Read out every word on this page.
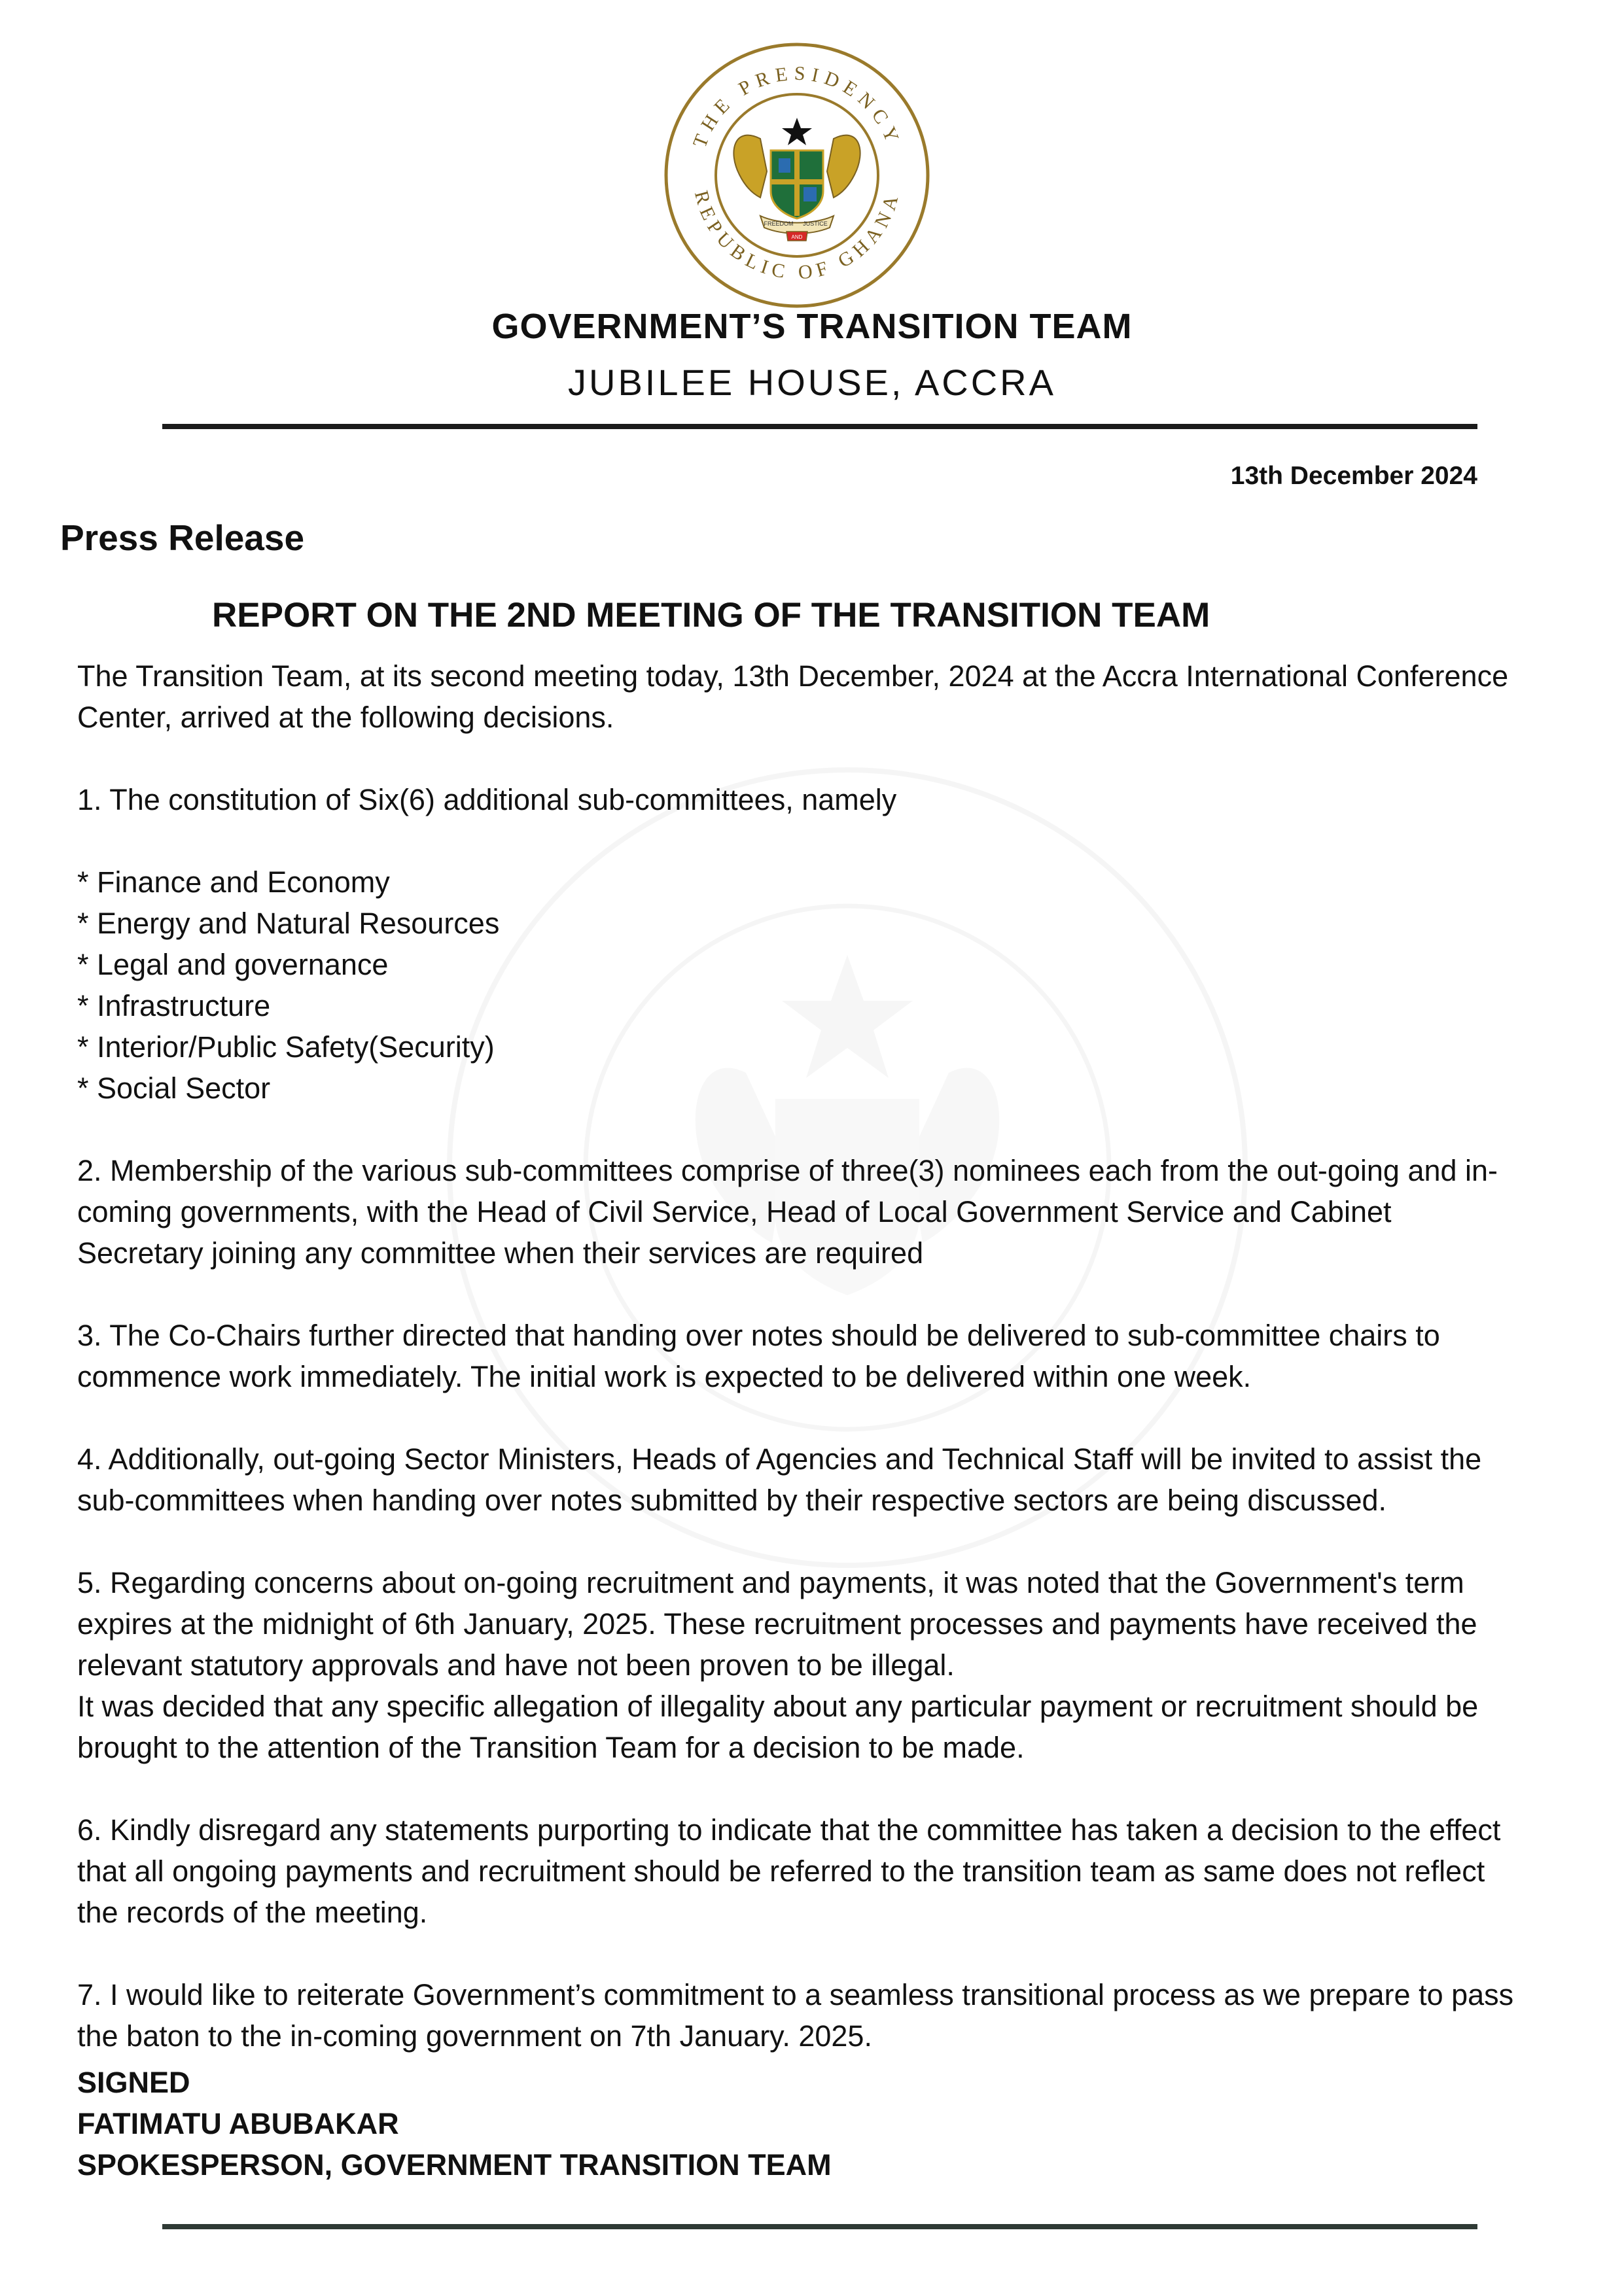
THE PRESIDENCY
REPUBLIC OF GHANA
FREEDOM JUSTICE
AND
GOVERNMENT’S TRANSITION TEAM
JUBILEE HOUSE, ACCRA
13th December 2024
Press Release
REPORT ON THE 2ND MEETING OF THE TRANSITION TEAM

The Transition Team, at its second meeting today, 13th December, 2024 at the Accra International Conference
Center, arrived at the following decisions.

1. The constitution of Six(6) additional sub-committees, namely

* Finance and Economy
* Energy and Natural Resources
* Legal and governance
* Infrastructure
* Interior/Public Safety(Security)
* Social Sector

2. Membership of the various sub-committees comprise of three(3) nominees each from the out-going and in-
coming governments, with the Head of Civil Service, Head of Local Government Service and Cabinet
Secretary joining any committee when their services are required

3. The Co-Chairs further directed that handing over notes should be delivered to sub-committee chairs to
commence work immediately. The initial work is expected to be delivered within one week.

4. Additionally, out-going Sector Ministers, Heads of Agencies and Technical Staff will be invited to assist the
sub-committees when handing over notes submitted by their respective sectors are being discussed.

5. Regarding concerns about on-going recruitment and payments, it was noted that the Government's term
expires at the midnight of 6th January, 2025. These recruitment processes and payments have received the
relevant statutory approvals and have not been proven to be illegal.
It was decided that any specific allegation of illegality about any particular payment or recruitment should be
brought to the attention of the Transition Team for a decision to be made.

6. Kindly disregard any statements purporting to indicate that the committee has taken a decision to the effect
that all ongoing payments and recruitment should be referred to the transition team as same does not reflect
the records of the meeting.

7. I would like to reiterate Government’s commitment to a seamless transitional process as we prepare to pass
the baton to the in-coming government on 7th January. 2025.

SIGNED
FATIMATU ABUBAKAR
SPOKESPERSON, GOVERNMENT TRANSITION TEAM
